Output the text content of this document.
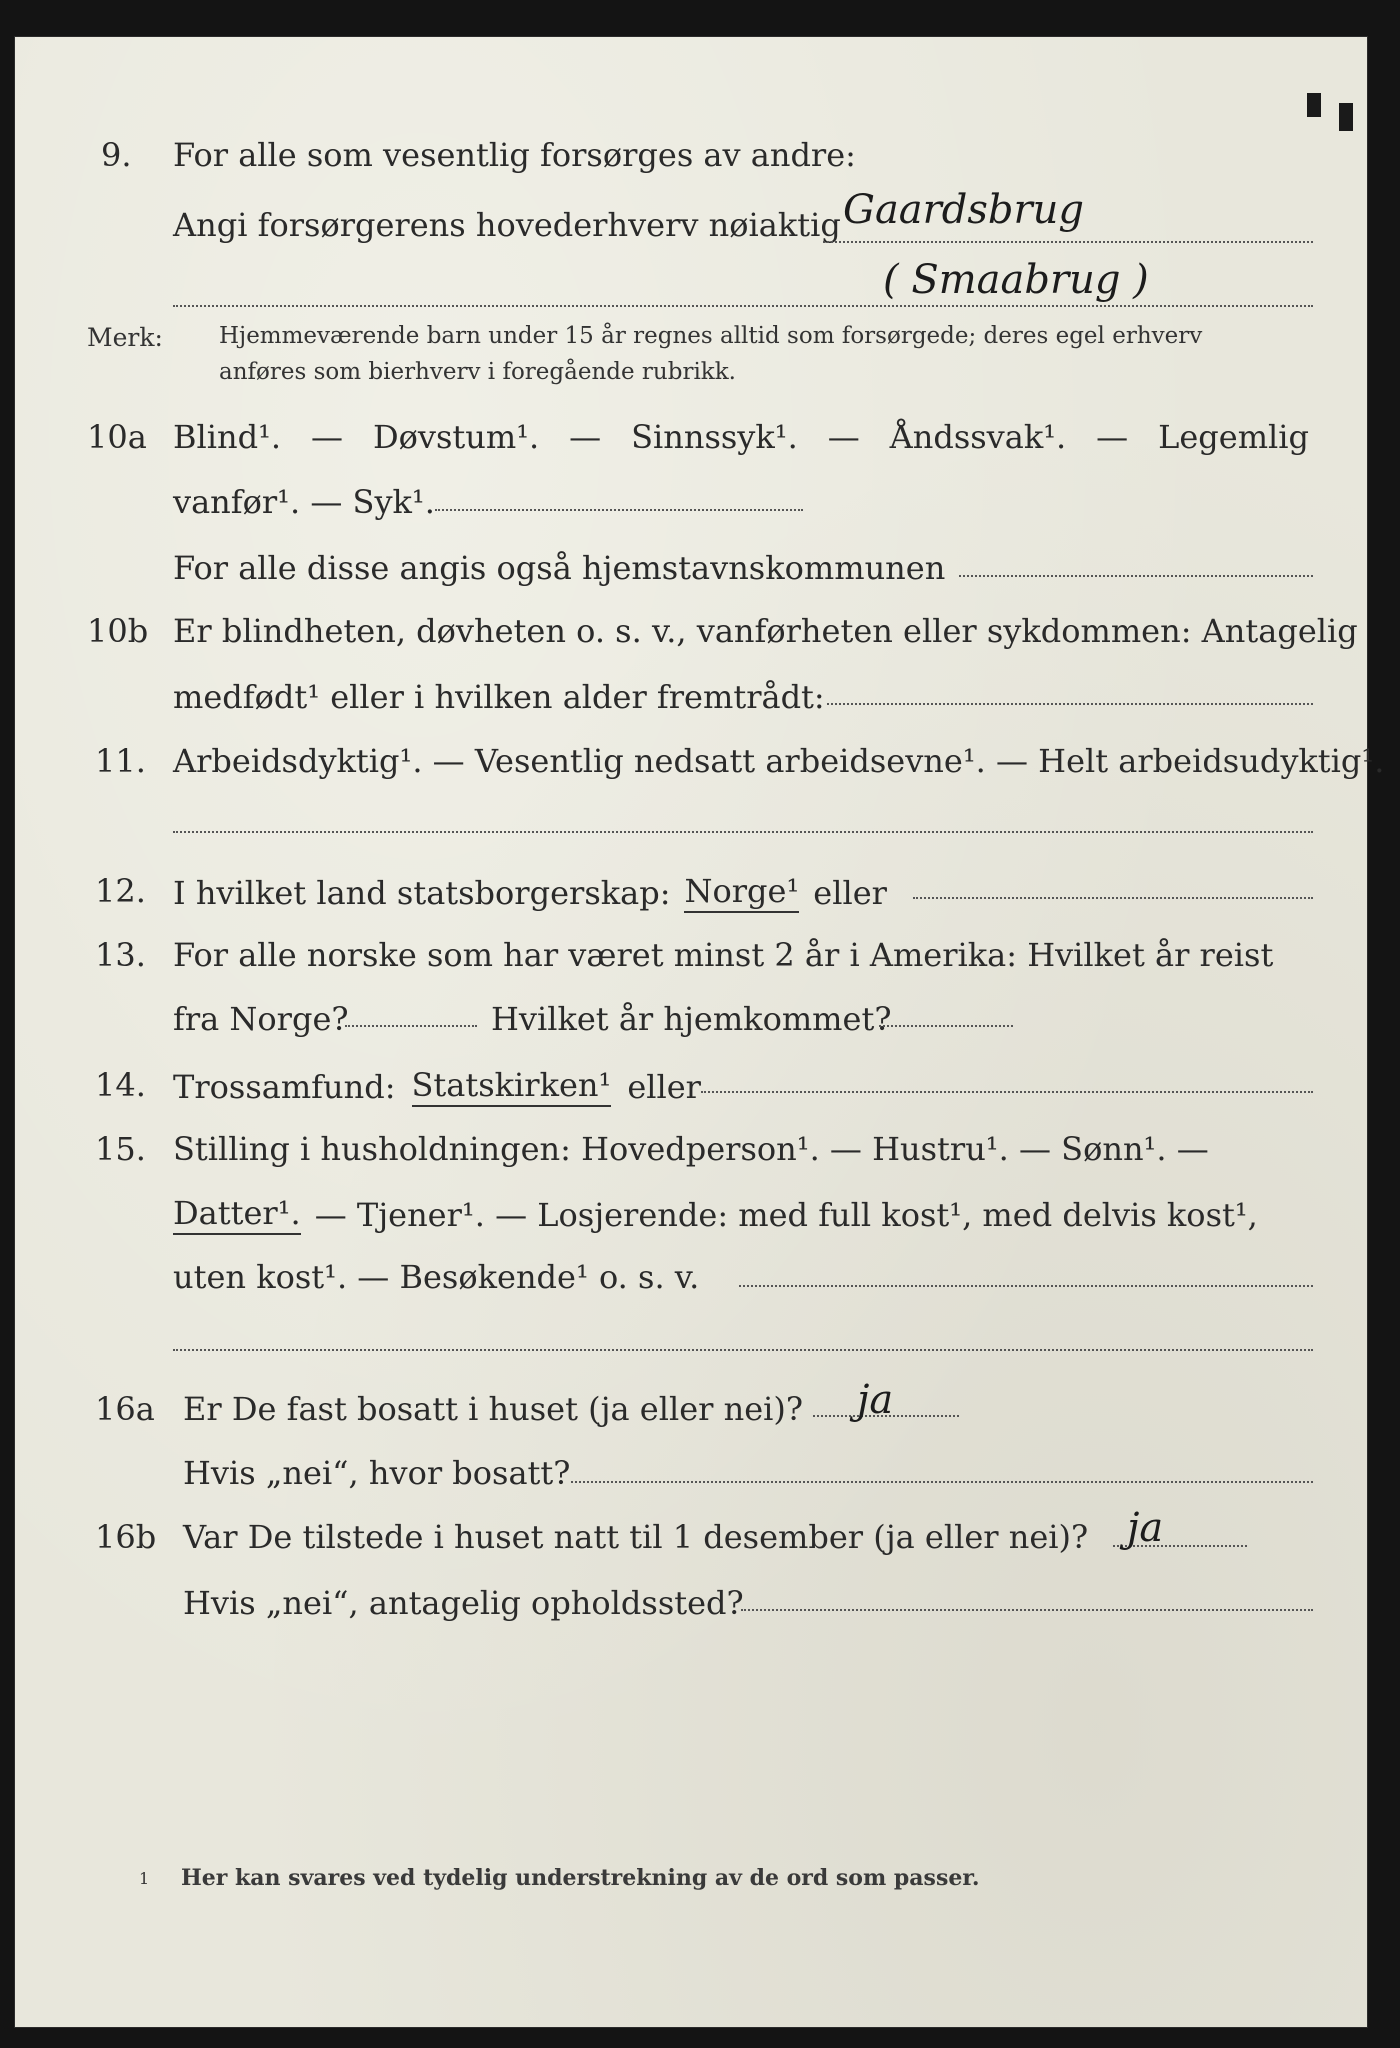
9. For alle som vesentlig forsørges av andre:
Angi forsørgerens hovederhverv nøiaktig Gaardsbrug
( Smaabrug )
Merk: Hjemmeværende barn under 15 år regnes alltid som forsørgede; deres egel erhverv
anføres som bierhverv i foregående rubrikk.
10a Blind¹. — Døvstum¹. — Sinnssyk¹. — Åndssvak¹. — Legemlig
vanfør¹. — Syk¹.
For alle disse angis også hjemstavnskommunen
10b Er blindheten, døvheten o. s. v., vanførheten eller sykdommen: Antagelig
medfødt¹ eller i hvilken alder fremtrådt:
11. Arbeidsdyktig¹. — Vesentlig nedsatt arbeidsevne¹. — Helt arbeidsudyktig¹.
12. I hvilket land statsborgerskap: Norge¹ eller
13. For alle norske som har været minst 2 år i Amerika: Hvilket år reist
fra Norge?	Hvilket år hjemkommet?
14. Trossamfund: Statskirken¹ eller
15. Stilling i husholdningen: Hovedperson¹. — Hustru¹. — Sønn¹. —
Datter¹. — Tjener¹. — Losjerende: med full kost¹, med delvis kost¹,
uten kost¹. — Besøkende¹ o. s. v.
16a Er De fast bosatt i huset (ja eller nei)? ja
Hvis „nei“, hvor bosatt?
16b Var De tilstede i huset natt til 1 desember (ja eller nei)? ja
Hvis „nei“, antagelig opholdssted?
1 Her kan svares ved tydelig understrekning av de ord som passer.
